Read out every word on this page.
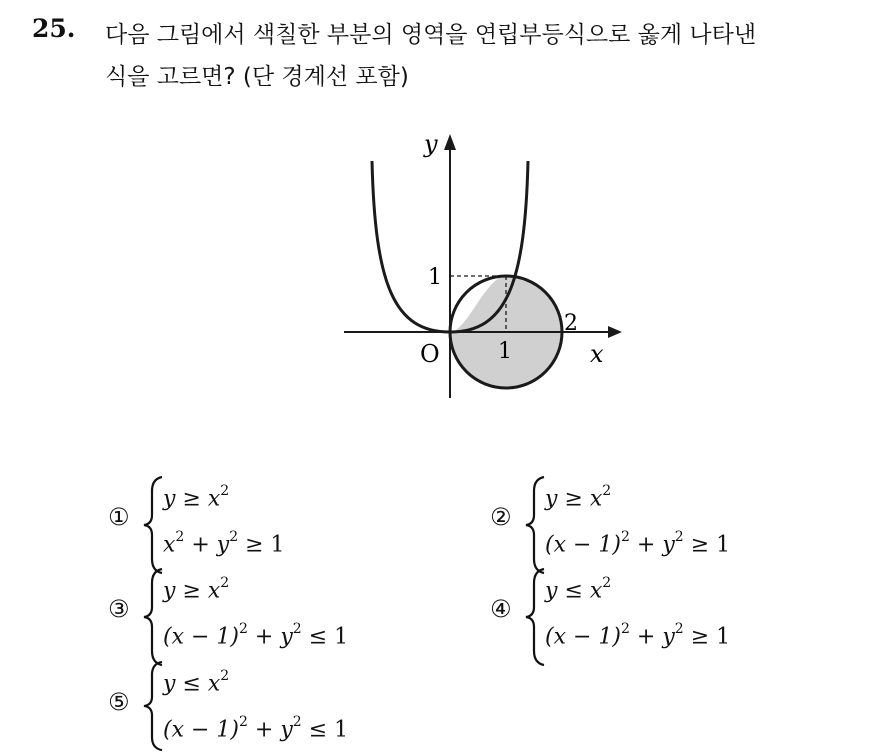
25. 다음 그림에서 색칠한 부분의 영역을 연립부등식으로 옳게 나타낸
식을 고르면? (단 경계선 포함)
y
x
O
1
1
2
①
$y \ge x^2$
$x^2 + y^2 \ge 1$
②
$y \ge x^2$
$(x - 1)^2 + y^2 \ge 1$
③
$y \ge x^2$
$(x - 1)^2 + y^2 \le 1$
④
$y \le x^2$
$(x - 1)^2 + y^2 \ge 1$
⑤
$y \le x^2$
$(x - 1)^2 + y^2 \le 1$
